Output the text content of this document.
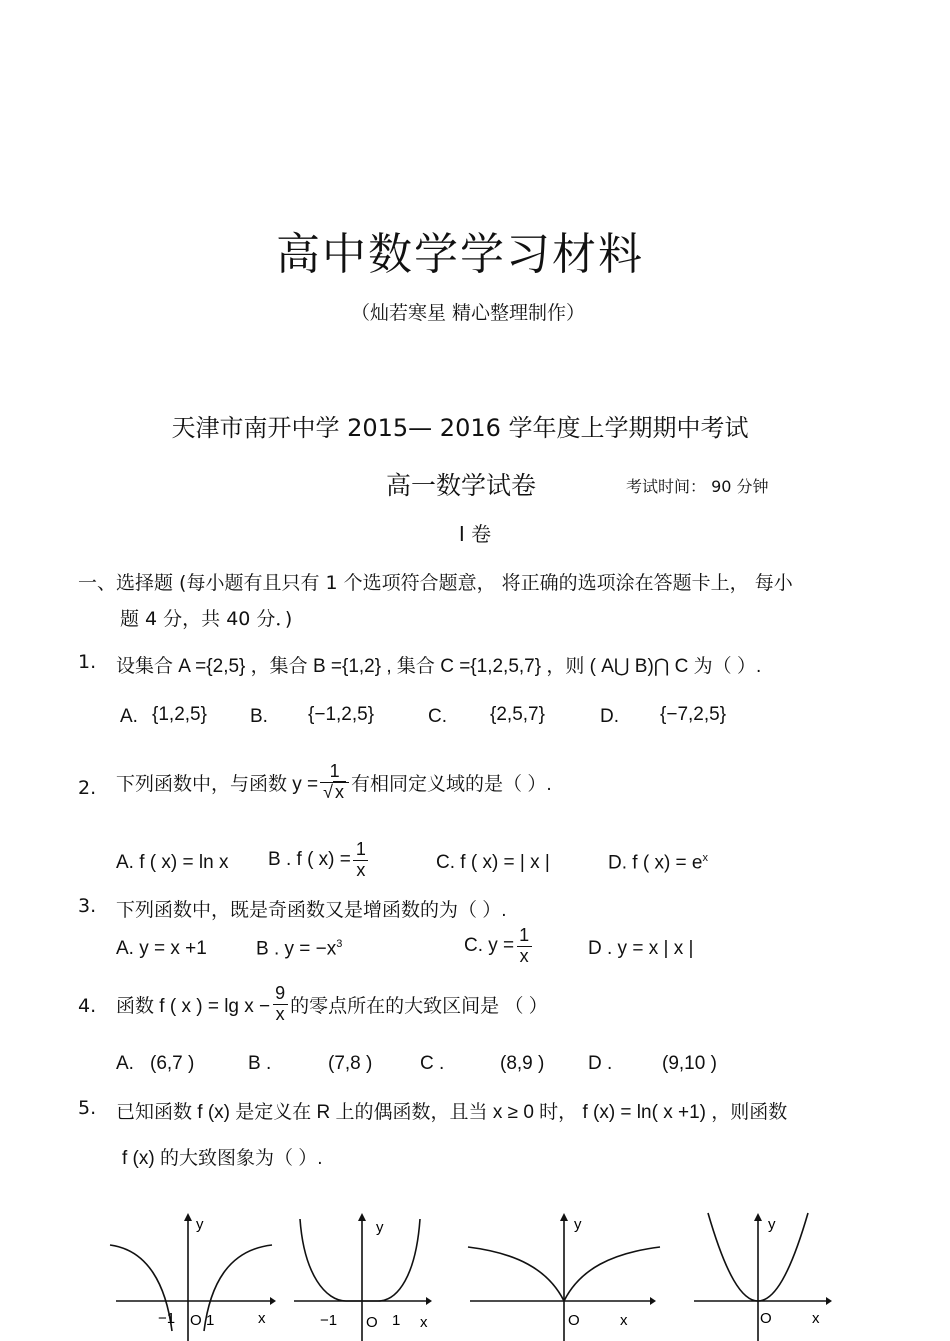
高中数学学习材料
（灿若寒星 精心整理制作）
天津市南开中学 2015— 2016 学年度上学期期中考试
高一数学试卷	考试时间： 90 分钟
I 卷
一、选择题 (每小题有且只有 1 个选项符合题意， 将正确的选项涂在答题卡上， 每小
题 4 分，共 40 分．)
1. 设集合 A ={2,5} ，集合 B ={1,2} , 集合 C ={1,2,5,7} ，则 ( A⋃ B)⋂ C 为（ ）.
A. {1,2,5} B. {−1,2,5}	C. {2,5,7}	D. {−7,2,5}
2. 下列函数中，与函数 $y = \frac{1}{√ x}$ 有相同定义域的是（ ）.
A. f ( x) = ln x B . f ( $x) = \frac{1}{x}$	C. f ( x) = | x |	D. f ( $x) = e^x$
3. 下列函数中，既是奇函数又是增函数的为（ ）.
A. y = x +1	B . $y = -x^3$	C. $y = \frac{1}{x}$	D . y = x | x |
4. 函数 f ( x ) = $\lg x - \frac{9}{x}$ 的零点所在的大致区间是 （ ）
A. (6,7 )	B .	(7,8 )	C .	(8,9 ) D .	(9,10 )
5. 已知函数 f (x) 是定义在 R 上的偶函数，且当 x ≥ 0 时， f (x) = ln( x +1) ，则函数
f (x) 的大致图象为（ ）.
y
−1 O 1	x
y
−1 O 1 x
y
O	x
y
O	x
